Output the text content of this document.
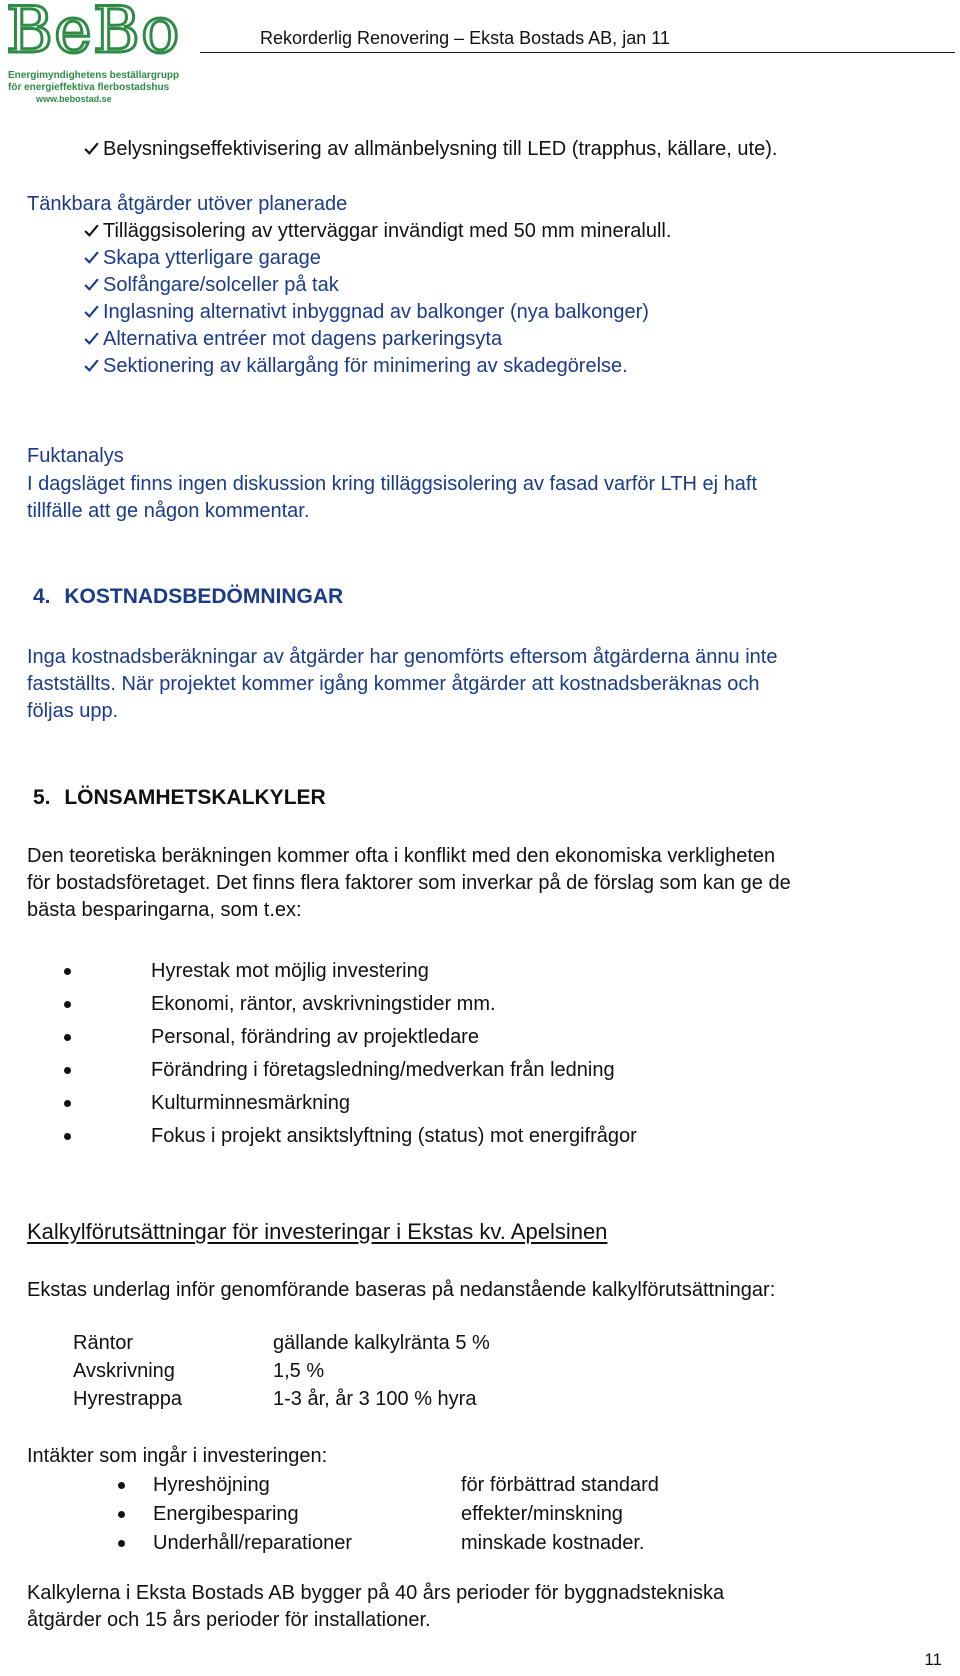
BeBo
Energimyndighetens beställargrupp
för energieffektiva flerbostadshus
www.bebostad.se
Rekorderlig Renovering – Eksta Bostads AB, jan 11

Belysningseffektivisering av allmänbelysning till LED (trapphus, källare, ute).

Tänkbara åtgärder utöver planerade

Tilläggsisolering av ytterväggar invändigt med 50 mm mineralull.

Skapa ytterligare garage

Solfångare/solceller på tak

Inglasning alternativt inbyggnad av balkonger (nya balkonger)

Alternativa entréer mot dagens parkeringsyta

Sektionering av källargång för minimering av skadegörelse.

Fuktanalys

I dagsläget finns ingen diskussion kring tilläggsisolering av fasad varför LTH ej haft

tillfälle att ge någon kommentar.

4. KOSTNADSBEDÖMNINGAR

Inga kostnadsberäkningar av åtgärder har genomförts eftersom åtgärderna ännu inte

fastställts. När projektet kommer igång kommer åtgärder att kostnadsberäknas och

följas upp.

5. LÖNSAMHETSKALKYLER

Den teoretiska beräkningen kommer ofta i konflikt med den ekonomiska verkligheten

för bostadsföretaget. Det finns flera faktorer som inverkar på de förslag som kan ge de

bästa besparingarna, som t.ex:

Hyrestak mot möjlig investering
Ekonomi, räntor, avskrivningstider mm.
Personal, förändring av projektledare
Förändring i företagsledning/medverkan från ledning
Kulturminnesmärkning
Fokus i projekt ansiktslyftning (status) mot energifrågor

Kalkylförutsättningar för investeringar i Ekstas kv. Apelsinen

Ekstas underlag inför genomförande baseras på nedanstående kalkylförutsättningar:

Räntor	gällande kalkylränta 5 %
Avskrivning	1,5 %
Hyrestrappa	1-3 år, år 3 100 % hyra

Intäkter som ingår i investeringen:

Hyreshöjning	för förbättrad standard
Energibesparing	effekter/minskning
Underhåll/reparationer	minskade kostnader.

Kalkylerna i Eksta Bostads AB bygger på 40 års perioder för byggnadstekniska

åtgärder och 15 års perioder för installationer.

11
